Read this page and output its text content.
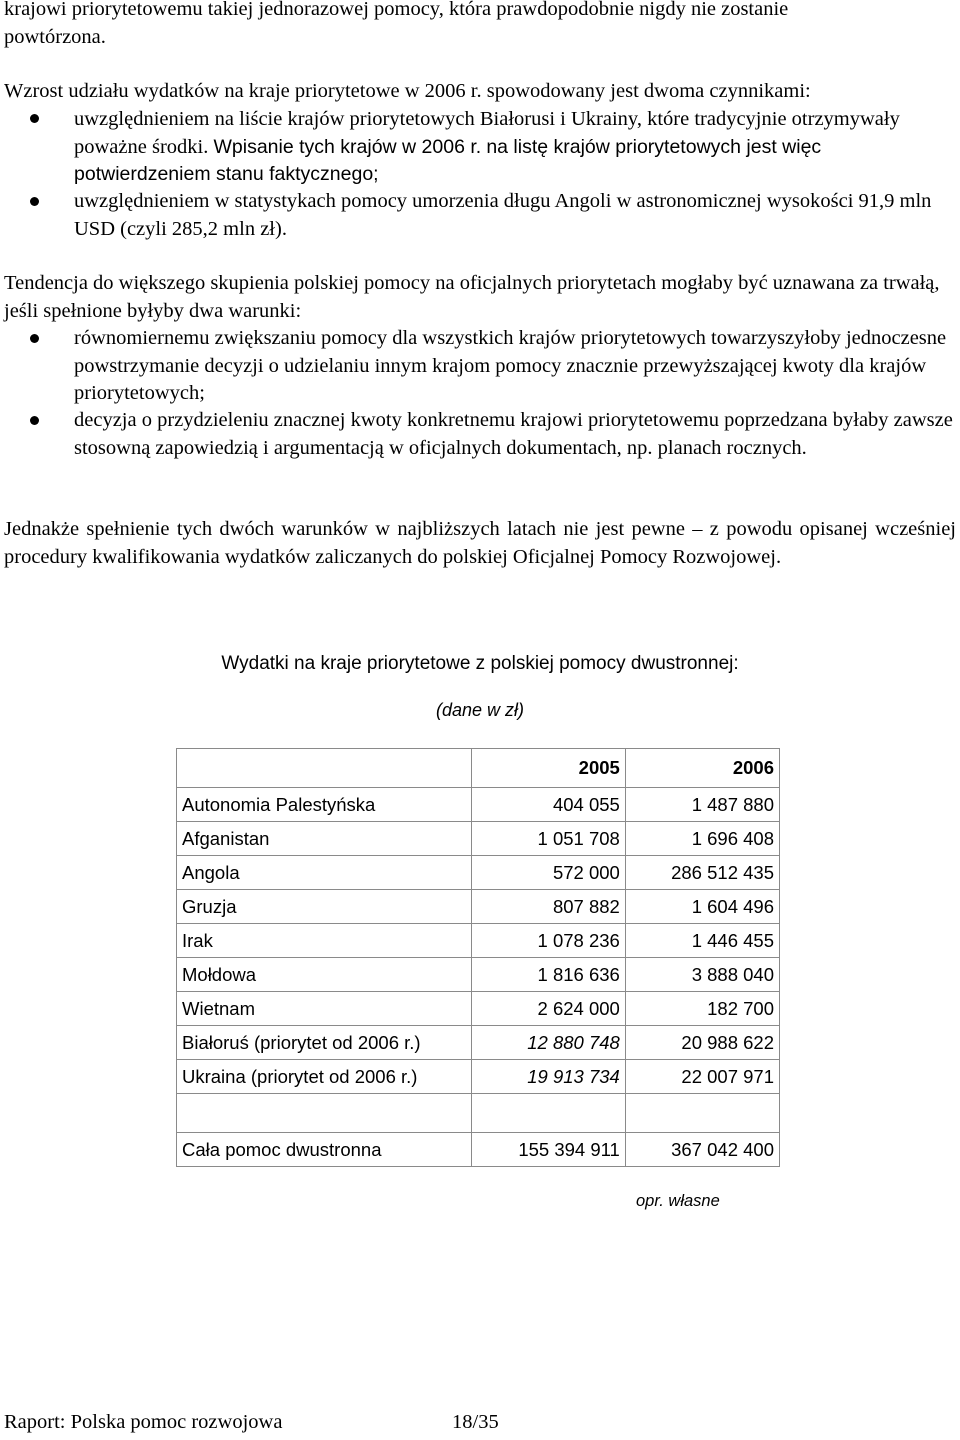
krajowi priorytetowemu takiej jednorazowej pomocy, która prawdopodobnie nigdy nie zostanie

powtórzona.

Wzrost udziału wydatków na kraje priorytetowe w 2006 r. spowodowany jest dwoma czynnikami:

uwzględnieniem na liście krajów priorytetowych Białorusi i Ukrainy, które tradycyjnie otrzymywały poważne środki. Wpisanie tych krajów w 2006 r. na listę krajów priorytetowych jest więc potwierdzeniem stanu faktycznego;

uwzględnieniem w statystykach pomocy umorzenia długu Angoli w astronomicznej wysokości 91,9 mln USD (czyli 285,2 mln zł).

Tendencja do większego skupienia polskiej pomocy na oficjalnych priorytetach mogłaby być uznawana za trwałą, jeśli spełnione byłyby dwa warunki:

równomiernemu zwiększaniu pomocy dla wszystkich krajów priorytetowych towarzyszyłoby jednoczesne powstrzymanie decyzji o udzielaniu innym krajom pomocy znacznie przewyższającej kwoty dla krajów priorytetowych;

decyzja o przydzieleniu znacznej kwoty konkretnemu krajowi priorytetowemu poprzedzana byłaby zawsze stosowną zapowiedzią i argumentacją w oficjalnych dokumentach, np. planach rocznych.

Jednakże spełnienie tych dwóch warunków w najbliższych latach nie jest pewne – z powodu opisanej wcześniej procedury kwalifikowania wydatków zaliczanych do polskiej Oficjalnej Pomocy Rozwojowej.

Wydatki na kraje priorytetowe z polskiej pomocy dwustronnej:

(dane w zł)

	2005	2006
Autonomia Palestyńska	404 055	1 487 880
Afganistan	1 051 708	1 696 408
Angola	572 000	286 512 435
Gruzja	807 882	1 604 496
Irak	1 078 236	1 446 455
Mołdowa	1 816 636	3 888 040
Wietnam	2 624 000	182 700
Białoruś (priorytet od 2006 r.)	12 880 748	20 988 622
Ukraina (priorytet od 2006 r.)	19 913 734	22 007 971

Cała pomoc dwustronna	155 394 911	367 042 400

opr. własne

Raport: Polska pomoc rozwojowa	18/35
